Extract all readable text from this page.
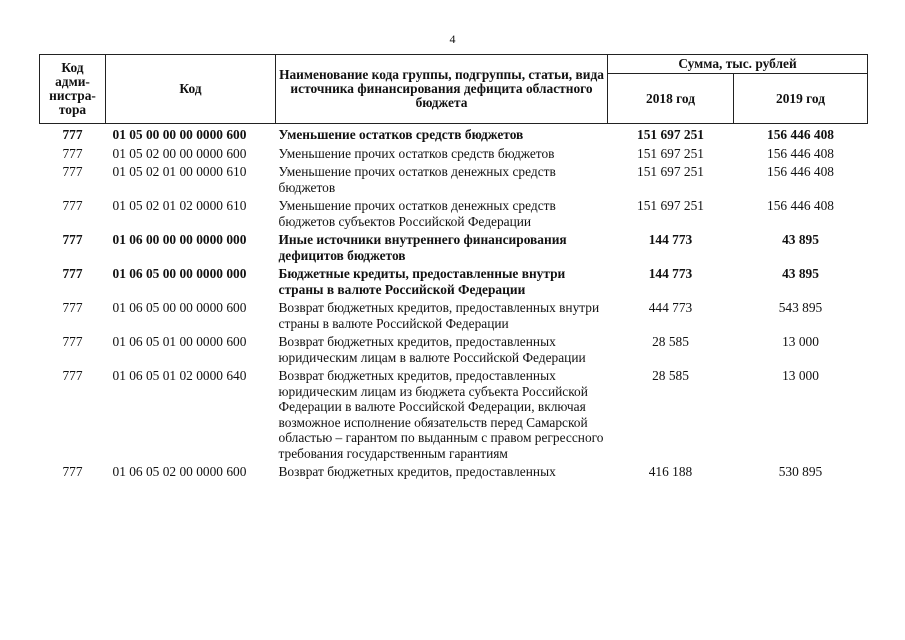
4
Код адми-нистра-тора	Код	Наименование кода группы, подгруппы, статьи, вида источника финансирования дефицита областного бюджета	Сумма, тыс. рублей	
			2018 год	2019 год
777	01 05 00 00 00 0000 600	Уменьшение остатков средств бюджетов	151 697 251	156 446 408
777	01 05 02 00 00 0000 600	Уменьшение прочих остатков средств бюджетов	151 697 251	156 446 408
777	01 05 02 01 00 0000 610	Уменьшение прочих остатков денежных средств бюджетов	151 697 251	156 446 408
777	01 05 02 01 02 0000 610	Уменьшение прочих остатков денежных средств бюджетов субъектов Российской Федерации	151 697 251	156 446 408
777	01 06 00 00 00 0000 000	Иные источники внутреннего финансирования дефицитов бюджетов	144 773	43 895
777	01 06 05 00 00 0000 000	Бюджетные кредиты, предоставленные внутри страны в валюте Российской Федерации	144 773	43 895
777	01 06 05 00 00 0000 600	Возврат бюджетных кредитов, предоставленных внутри страны в валюте Российской Федерации	444 773	543 895
777	01 06 05 01 00 0000 600	Возврат бюджетных кредитов, предоставленных юридическим лицам в валюте Российской Федерации	28 585	13 000
777	01 06 05 01 02 0000 640	Возврат бюджетных кредитов, предоставленных юридическим лицам из бюджета субъекта Российской Федерации в валюте Российской Федерации, включая возможное исполнение обязательств перед Самарской областью – гарантом по выданным с правом регрессного требования государственным гарантиям	28 585	13 000
777	01 06 05 02 00 0000 600	Возврат бюджетных кредитов, предоставленных	416 188	530 895
